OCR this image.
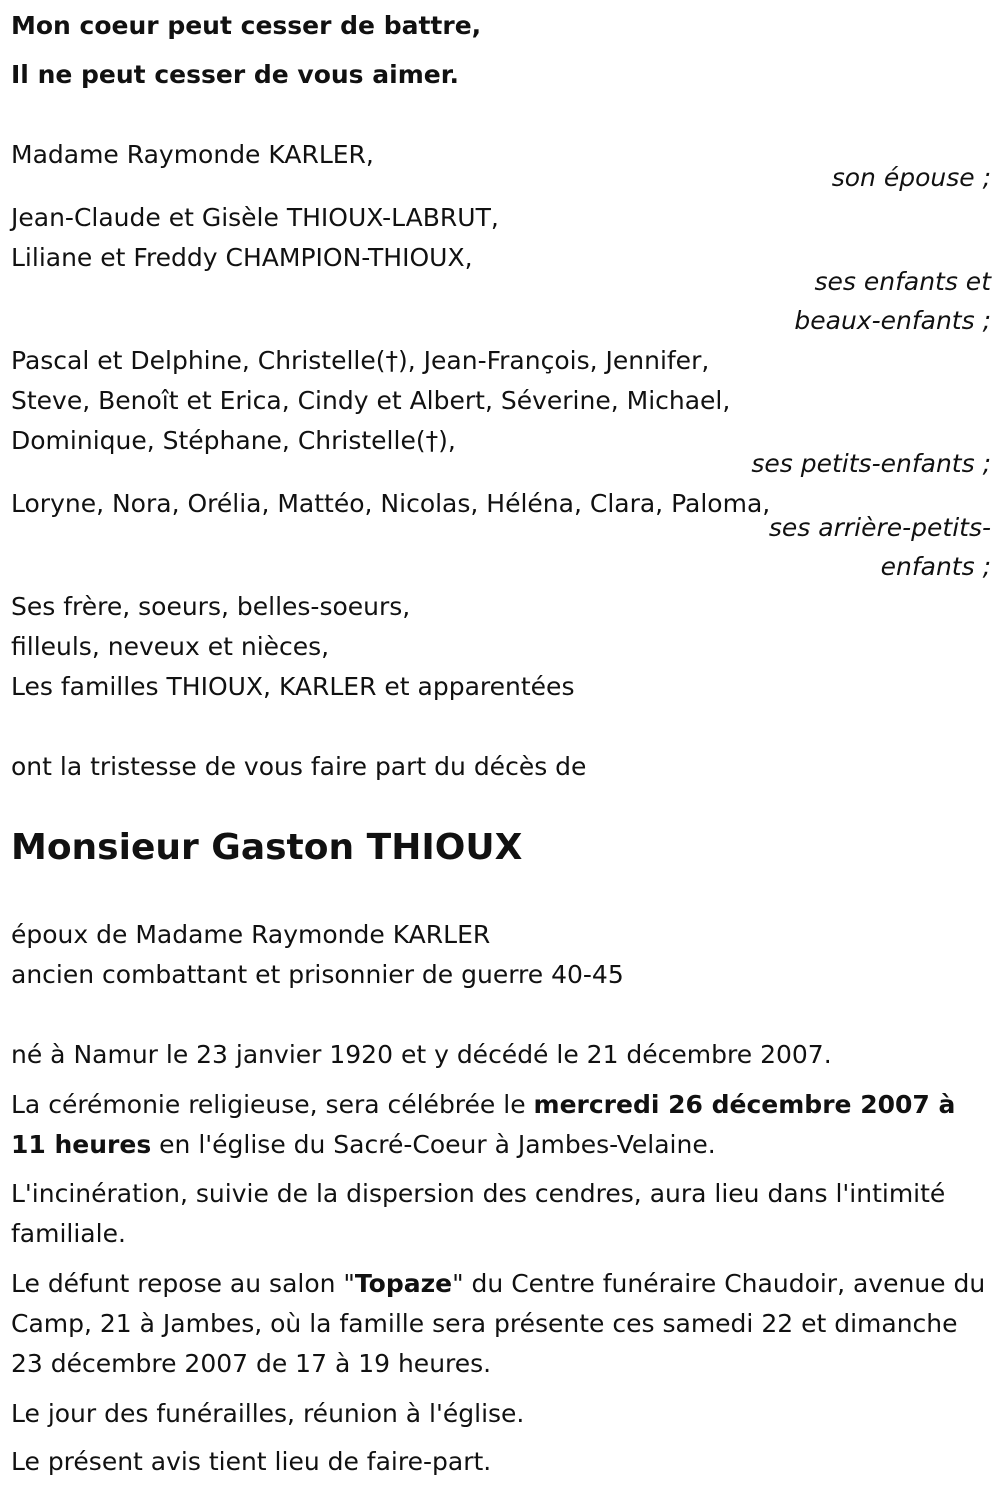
Mon coeur peut cesser de battre,
Il ne peut cesser de vous aimer.
Madame Raymonde KARLER,
son épouse ;
Jean-Claude et Gisèle THIOUX-LABRUT,
Liliane et Freddy CHAMPION-THIOUX,
ses enfants et
beaux-enfants ;
Pascal et Delphine, Christelle(†), Jean-François, Jennifer,
Steve, Benoît et Erica, Cindy et Albert, Séverine, Michael,
Dominique, Stéphane, Christelle(†),
ses petits-enfants ;
Loryne, Nora, Orélia, Mattéo, Nicolas, Héléna, Clara, Paloma,
ses arrière-petits-
enfants ;
Ses frère, soeurs, belles-soeurs,
filleuls, neveux et nièces,
Les familles THIOUX, KARLER et apparentées
ont la tristesse de vous faire part du décès de
Monsieur Gaston THIOUX
époux de Madame Raymonde KARLER
ancien combattant et prisonnier de guerre 40-45
né à Namur le 23 janvier 1920 et y décédé le 21 décembre 2007.
La cérémonie religieuse, sera célébrée le mercredi 26 décembre 2007 à 11 heures en l'église du Sacré-Coeur à Jambes-Velaine.
L'incinération, suivie de la dispersion des cendres, aura lieu dans l'intimité familiale.
Le défunt repose au salon "Topaze" du Centre funéraire Chaudoir, avenue du Camp, 21 à Jambes, où la famille sera présente ces samedi 22 et dimanche 23 décembre 2007 de 17 à 19 heures.
Le jour des funérailles, réunion à l'église.
Le présent avis tient lieu de faire-part.
